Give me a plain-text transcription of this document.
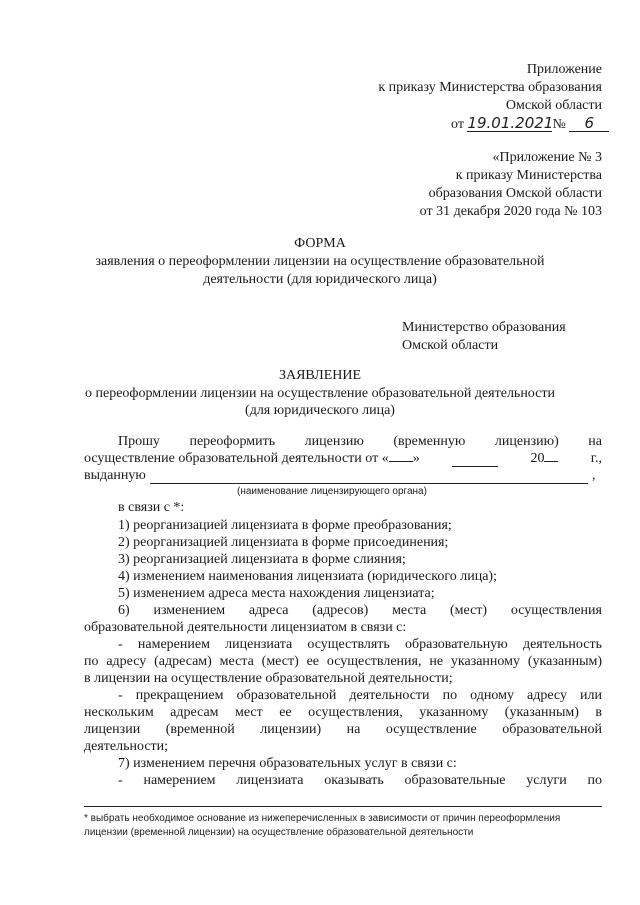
Приложение
к приказу Министерства образования
Омской области
от 19.01.2021№ 6
«Приложение № 3
к приказу Министерства
образования Омской области
от 31 декабря 2020 года № 103
ФОРМА
заявления о переоформлении лицензии на осуществление образовательной
деятельности (для юридического лица)
Министерство образования
Омской области
ЗАЯВЛЕНИЕ
о переоформлении лицензии на осуществление образовательной деятельности
(для юридического лица)
Прошу переоформить лицензию (временную лицензию) на
осуществление образовательной деятельности от « »	20	г.,
выданную	,
(наименование лицензирующего органа)
в связи с *:
1) реорганизацией лицензиата в форме преобразования;
2) реорганизацией лицензиата в форме присоединения;
3) реорганизацией лицензиата в форме слияния;
4) изменением наименования лицензиата (юридического лица);
5) изменением адреса места нахождения лицензиата;
6) изменением адреса (адресов) места (мест) осуществления
образовательной деятельности лицензиатом в связи с:
- намерением лицензиата осуществлять образовательную деятельность
по адресу (адресам) места (мест) ее осуществления, не указанному (указанным)
в лицензии на осуществление образовательной деятельности;
- прекращением образовательной деятельности по одному адресу или
нескольким адресам мест ее осуществления, указанному (указанным) в
лицензии (временной лицензии) на осуществление образовательной
деятельности;
7) изменением перечня образовательных услуг в связи с:
- намерением лицензиата оказывать образовательные услуги по
* выбрать необходимое основание из нижеперечисленных в зависимости от причин переоформления
лицензии (временной лицензии) на осуществление образовательной деятельности
